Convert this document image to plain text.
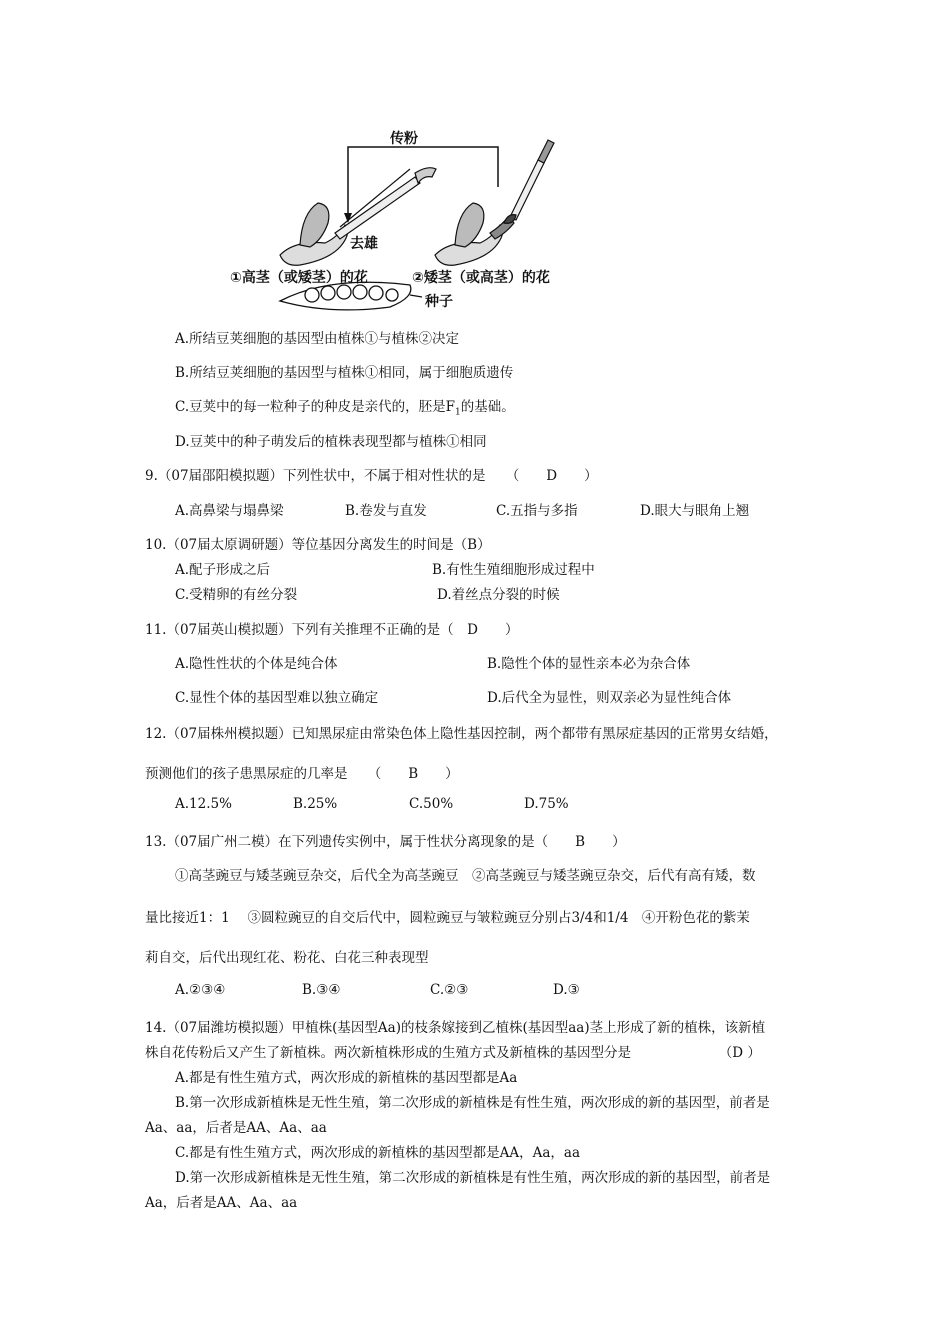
传粉
去雄
①高茎（或矮茎）的花	②矮茎（或高茎）的花
种子
A.所结豆荚细胞的基因型由植株①与植株②决定
B.所结豆荚细胞的基因型与植株①相同，属于细胞质遗传
C.豆荚中的每一粒种子的种皮是亲代的，胚是$F_1$的基础。
D.豆荚中的种子萌发后的植株表现型都与植株①相同
9.（07届邵阳模拟题）下列性状中，不属于相对性状的是　　（　　D　　）
A.高鼻梁与塌鼻梁	B.卷发与直发	C.五指与多指	D.眼大与眼角上翘
10.（07届太原调研题）等位基因分离发生的时间是（B）
A.配子形成之后	B.有性生殖细胞形成过程中
C.受精卵的有丝分裂	D.着丝点分裂的时候
11.（07届英山模拟题）下列有关推理不正确的是（　D　　）
A.隐性性状的个体是纯合体	B.隐性个体的显性亲本必为杂合体
C.显性个体的基因型难以独立确定	D.后代全为显性，则双亲必为显性纯合体
12.（07届株州模拟题）已知黑尿症由常染色体上隐性基因控制，两个都带有黑尿症基因的正常男女结婚，
预测他们的孩子患黑尿症的几率是　　（　　B　　）
A.12.5%	B.25%	C.50%	D.75%
13.（07届广州二模）在下列遗传实例中，属于性状分离现象的是（　　B　　）
①高茎豌豆与矮茎豌豆杂交，后代全为高茎豌豆　②高茎豌豆与矮茎豌豆杂交，后代有高有矮，数
量比接近1：1　 ③圆粒豌豆的自交后代中，圆粒豌豆与皱粒豌豆分别占3/4和1/4　④开粉色花的紫茉
莉自交，后代出现红花、粉花、白花三种表现型
A.②③④	B.③④	C.②③	D.③
14.（07届潍坊模拟题）甲植株(基因型Aa)的枝条嫁接到乙植株(基因型aa)茎上形成了新的植株，该新植
株自花传粉后又产生了新植株。两次新植株形成的生殖方式及新植株的基因型分是　　　　　　　（D ）
A.都是有性生殖方式，两次形成的新植株的基因型都是Aa
B.第一次形成新植株是无性生殖，第二次形成的新植株是有性生殖，两次形成的新的基因型，前者是
Aa、aa，后者是AA、Aa、aa
C.都是有性生殖方式，两次形成的新植株的基因型都是AA，Aa，aa
D.第一次形成新植株是无性生殖，第二次形成的新植株是有性生殖，两次形成的新的基因型，前者是
Aa，后者是AA、Aa、aa
